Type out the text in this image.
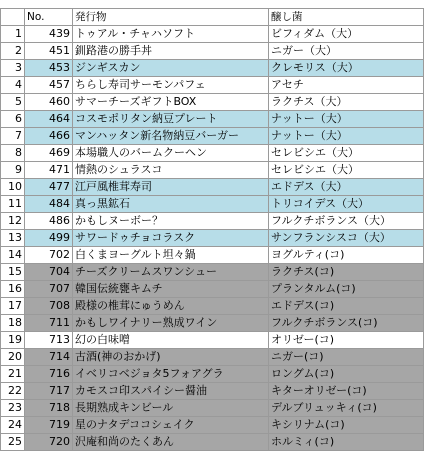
	No.	発行物	醸し菌
1	439	トゥアル・チャハソフト	ビフィダム（大）
2	451	釧路港の勝手丼	ニガー（大）
3	453	ジンギスカン	クレモリス（大）
4	457	ちらし寿司サーモンパフェ	アセチ
5	460	サマーチーズギフトBOX	ラクチス（大）
6	464	コスモポリタン納豆プレート	ナットー（大）
7	466	マンハッタン新名物納豆バーガー	ナットー（大）
8	469	本場職人のバームクーヘン	セレビシエ（大）
9	471	情熱のシュラスコ	セレビシエ（大）
10	477	江戸風椎茸寿司	エドデス（大）
11	484	真っ黒鉱石	トリコイデス（大）
12	486	かもしヌーボー？	フルクチボランス（大）
13	499	サワードゥチョコラスク	サンフランシスコ（大）
14	702	白くまヨーグルト坦々鍋	ヨグルティ(コ)
15	704	チーズクリームスワンシュー	ラクチス(コ)
16	707	韓国伝統甕キムチ	プランタルム(コ)
17	708	殿様の椎茸にゅうめん	エドデス(コ)
18	711	かもしワイナリー熟成ワイン	フルクチボランス(コ)
19	713	幻の白味噌	オリゼー(コ)
20	714	古酒(神のおかげ)	ニガー(コ)
21	716	イベリコベジョタ5フォアグラ	ロングム(コ)
22	717	カモスコ印スパイシー醤油	キターオリゼー(コ)
23	718	長期熟成キンビール	デルブリュッキィ(コ)
24	719	星のナタデココシェイク	キシリナム(コ)
25	720	沢庵和尚のたくあん	ホルミィ(コ)
